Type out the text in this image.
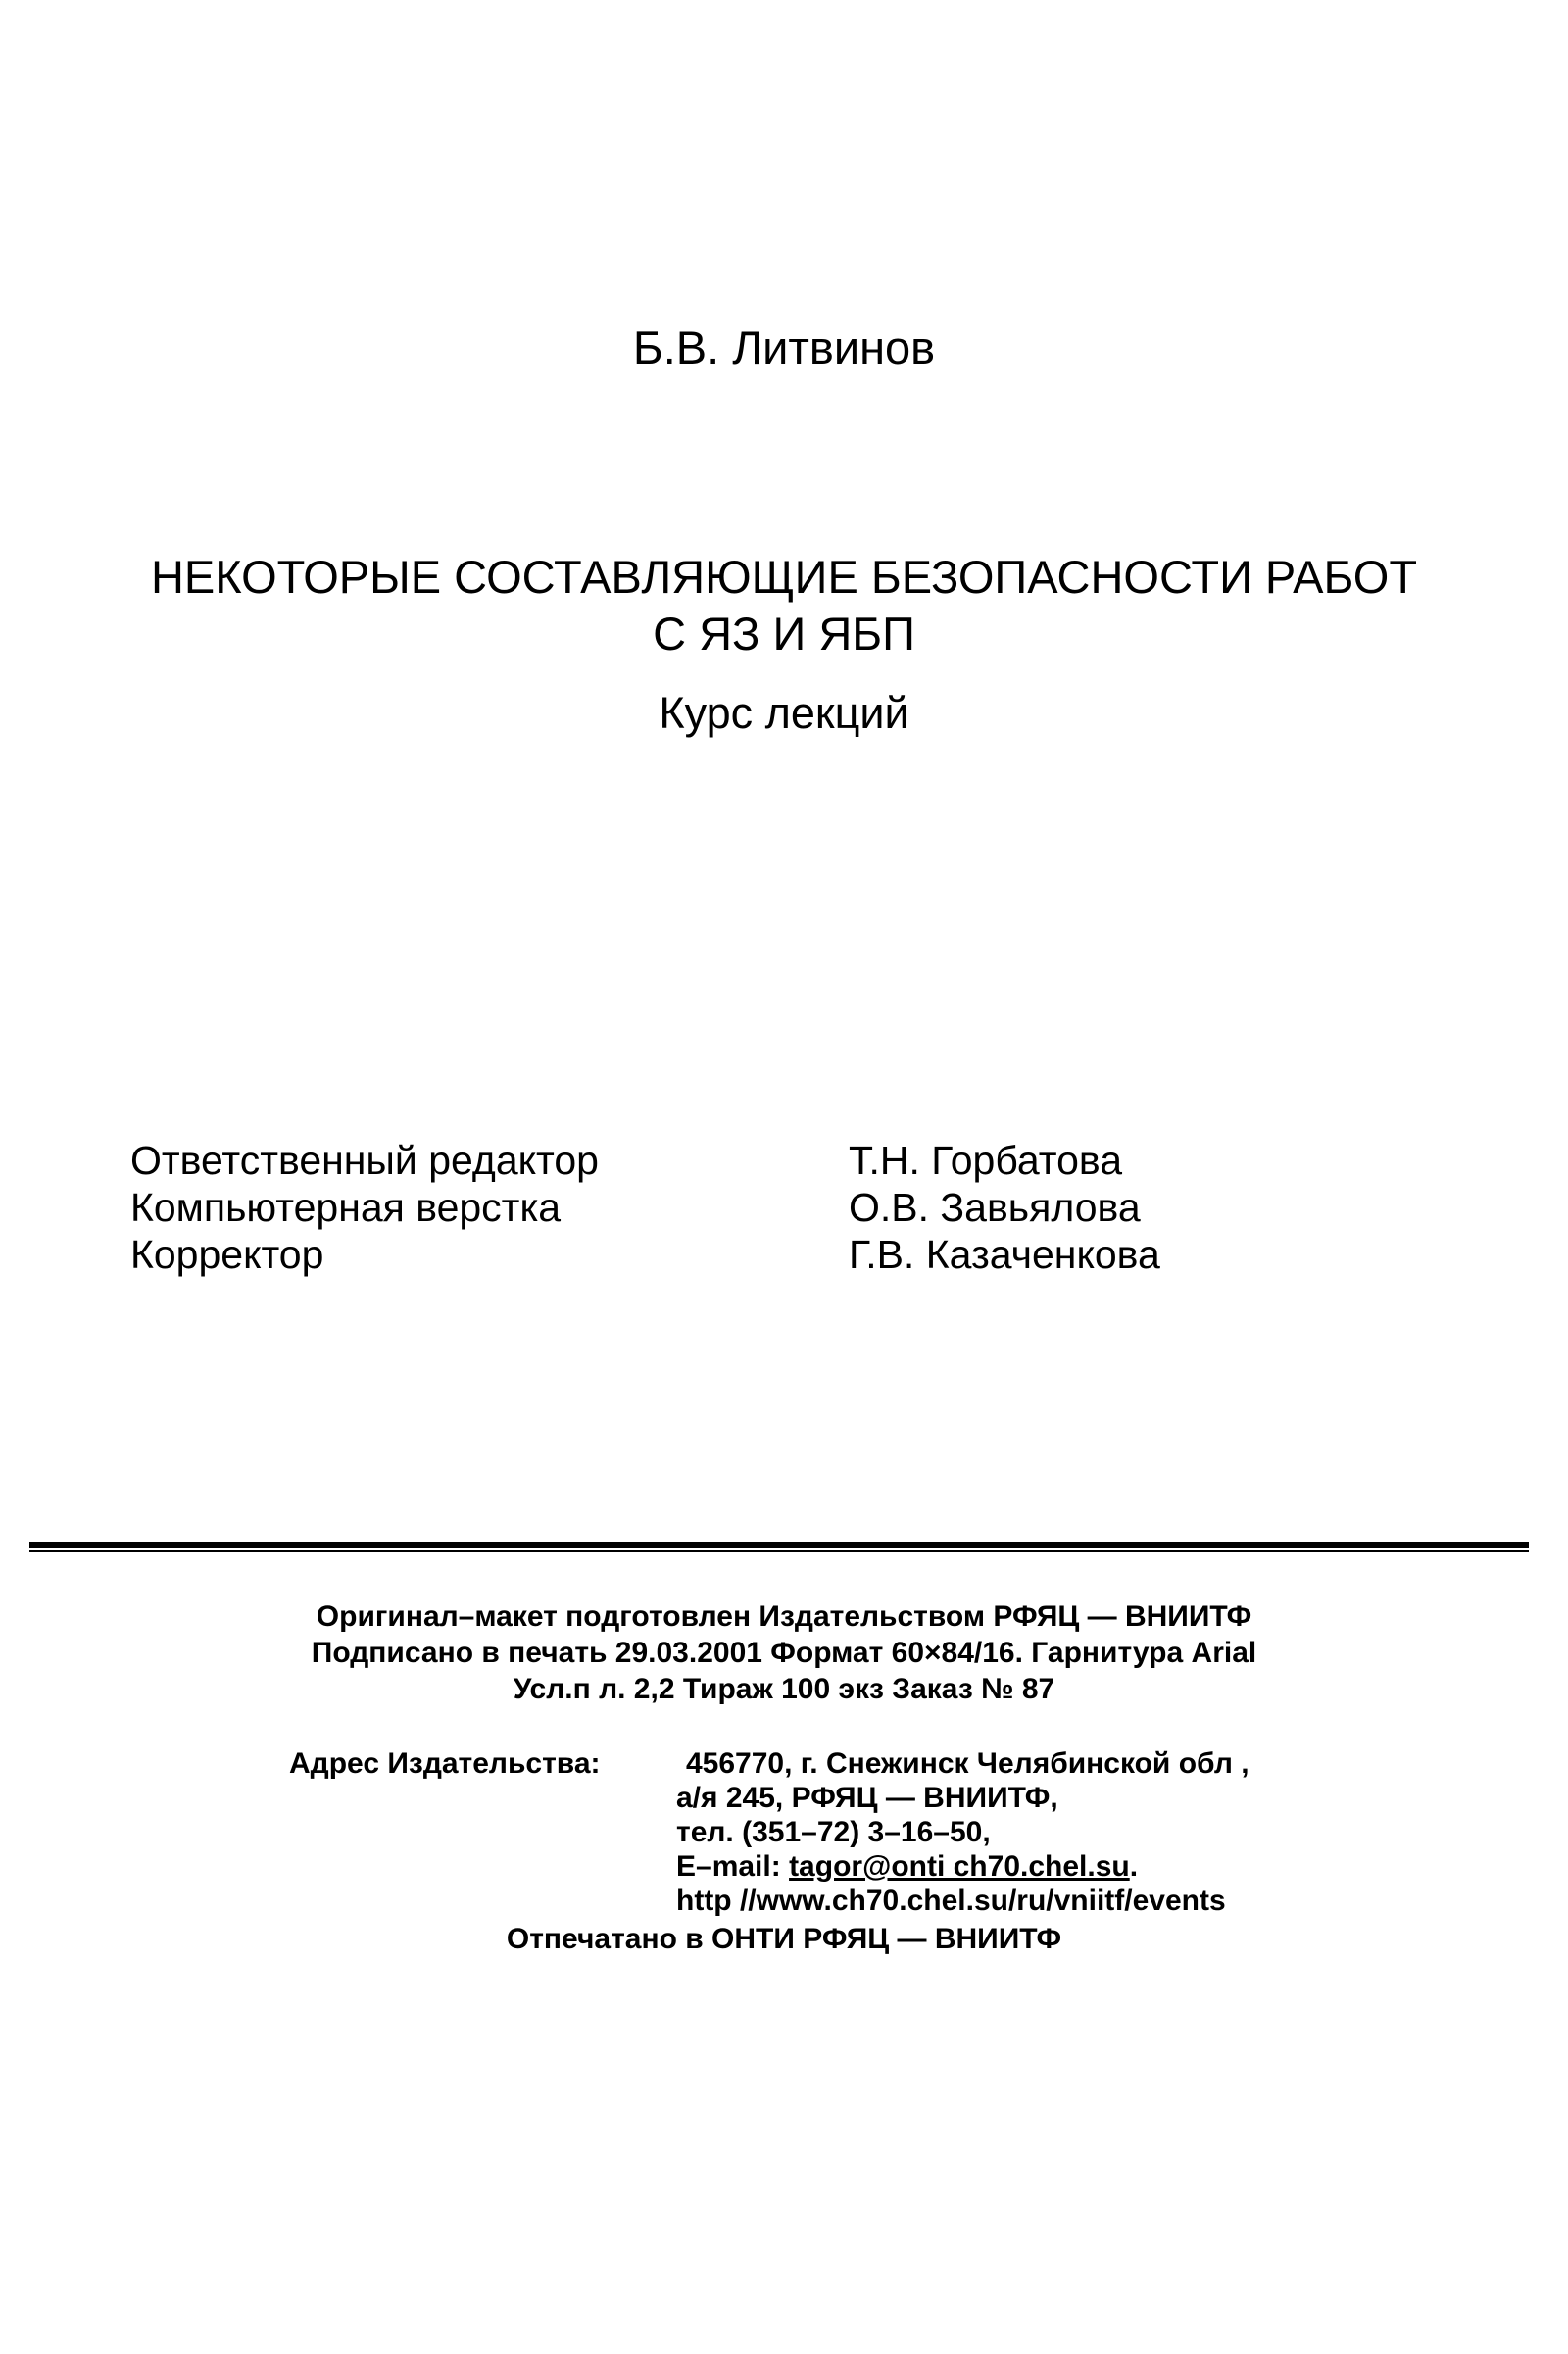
Б.В. Литвинов
НЕКОТОРЫЕ СОСТАВЛЯЮЩИЕ БЕЗОПАСНОСТИ РАБОТ
С ЯЗ И ЯБП
Курс лекций
Ответственный редактор	Т.Н. Горбатова
Компьютерная верстка	О.В. Завьялова
Корректор	Г.В. Казаченкова
Оригинал–макет подготовлен Издательством РФЯЦ — ВНИИТФ
Подписано в печать 29.03.2001 Формат 60×84/16. Гарнитура Arial
Усл.п л. 2,2 Тираж 100 экз Заказ № 87
Адрес Издательства:	456770, г. Снежинск Челябинской обл ,
а/я 245, РФЯЦ — ВНИИТФ,
тел. (351–72) 3–16–50,
E–mail: tagor@onti ch70.chel.su.
http //www.ch70.chel.su/ru/vniitf/events
Отпечатано в ОНТИ РФЯЦ — ВНИИТФ
